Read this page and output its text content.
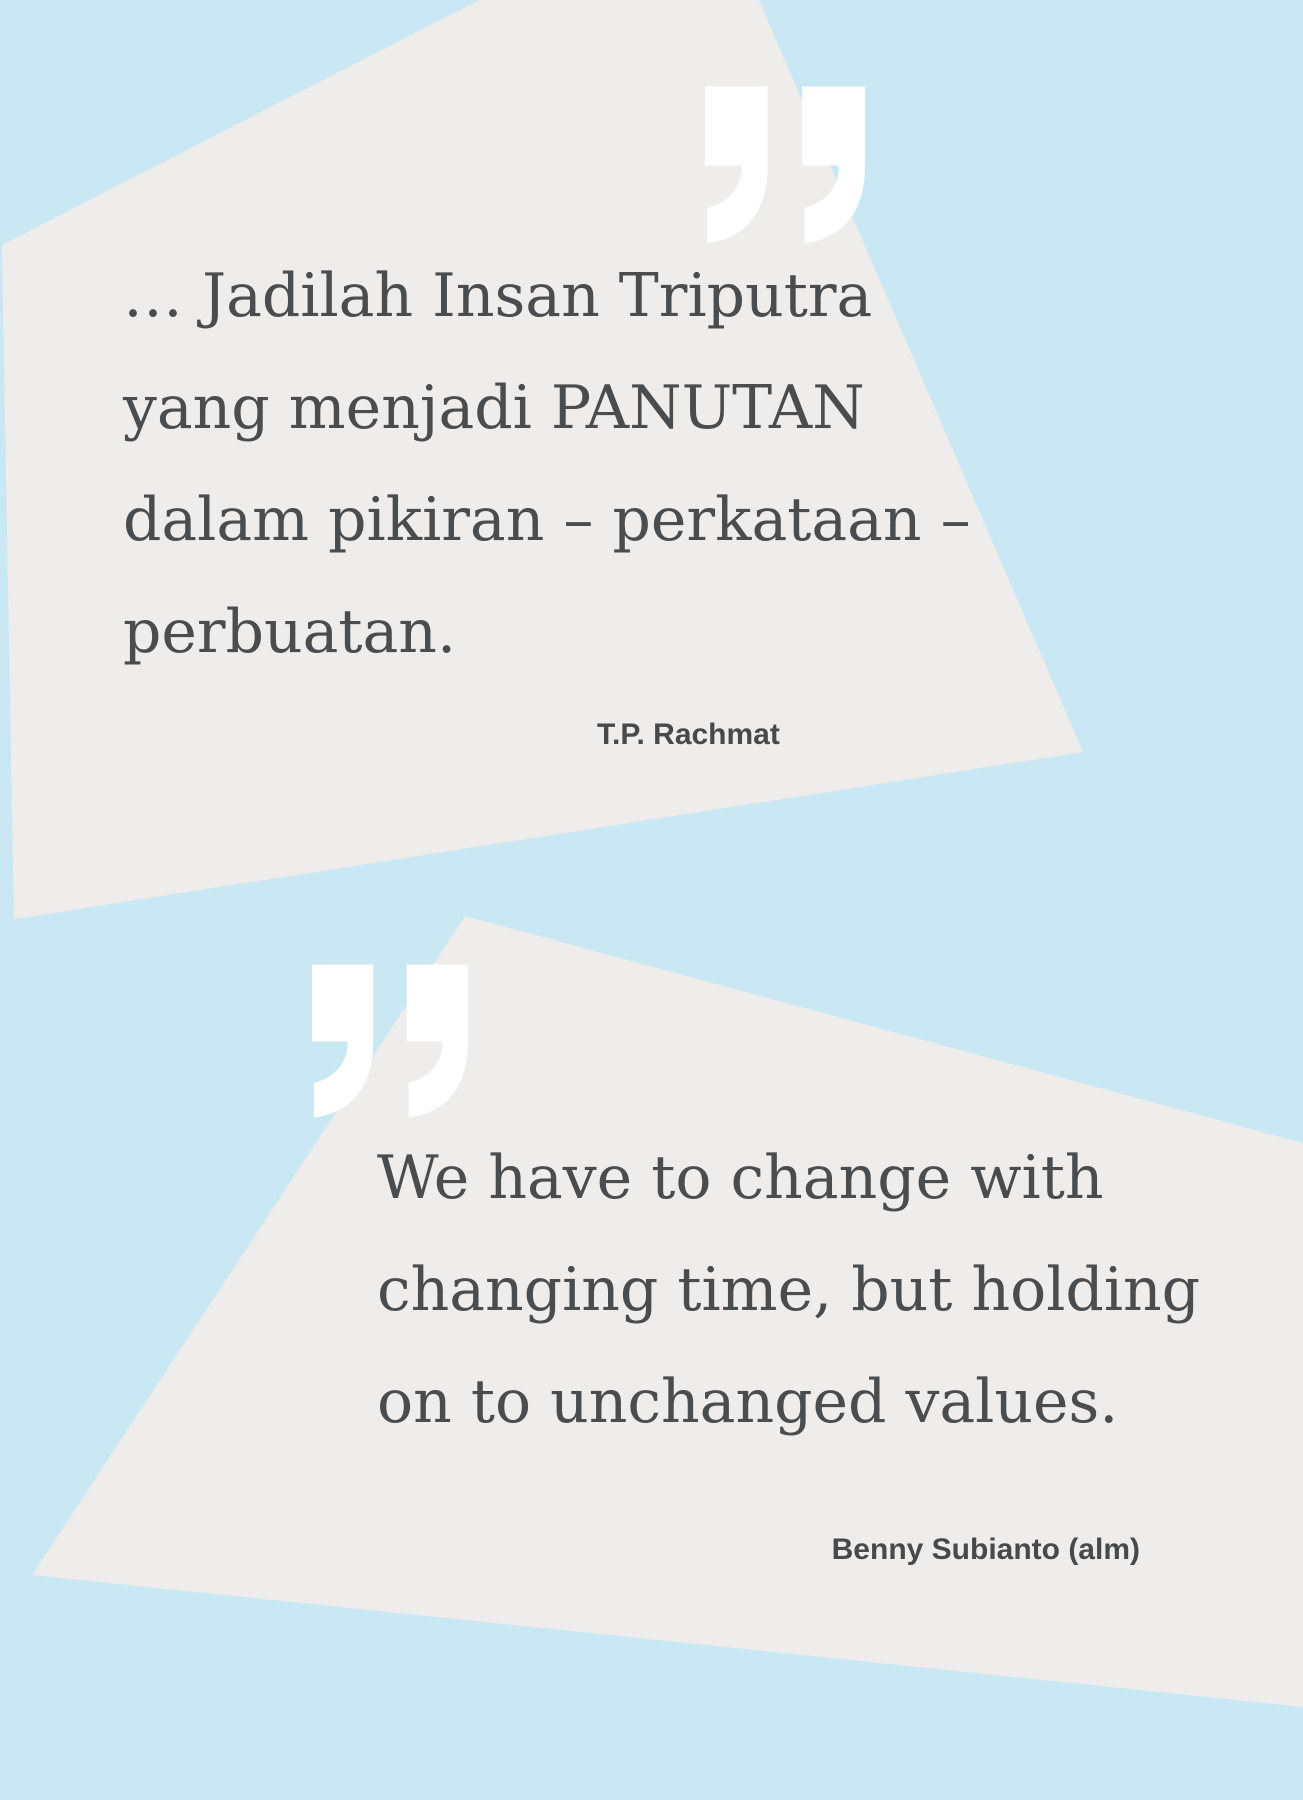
… Jadilah Insan Triputra
yang menjadi PANUTAN
dalam pikiran – perkataan –
perbuatan.
T.P. Rachmat
We have to change with
changing time, but holding
on to unchanged values.
Benny Subianto (alm)
